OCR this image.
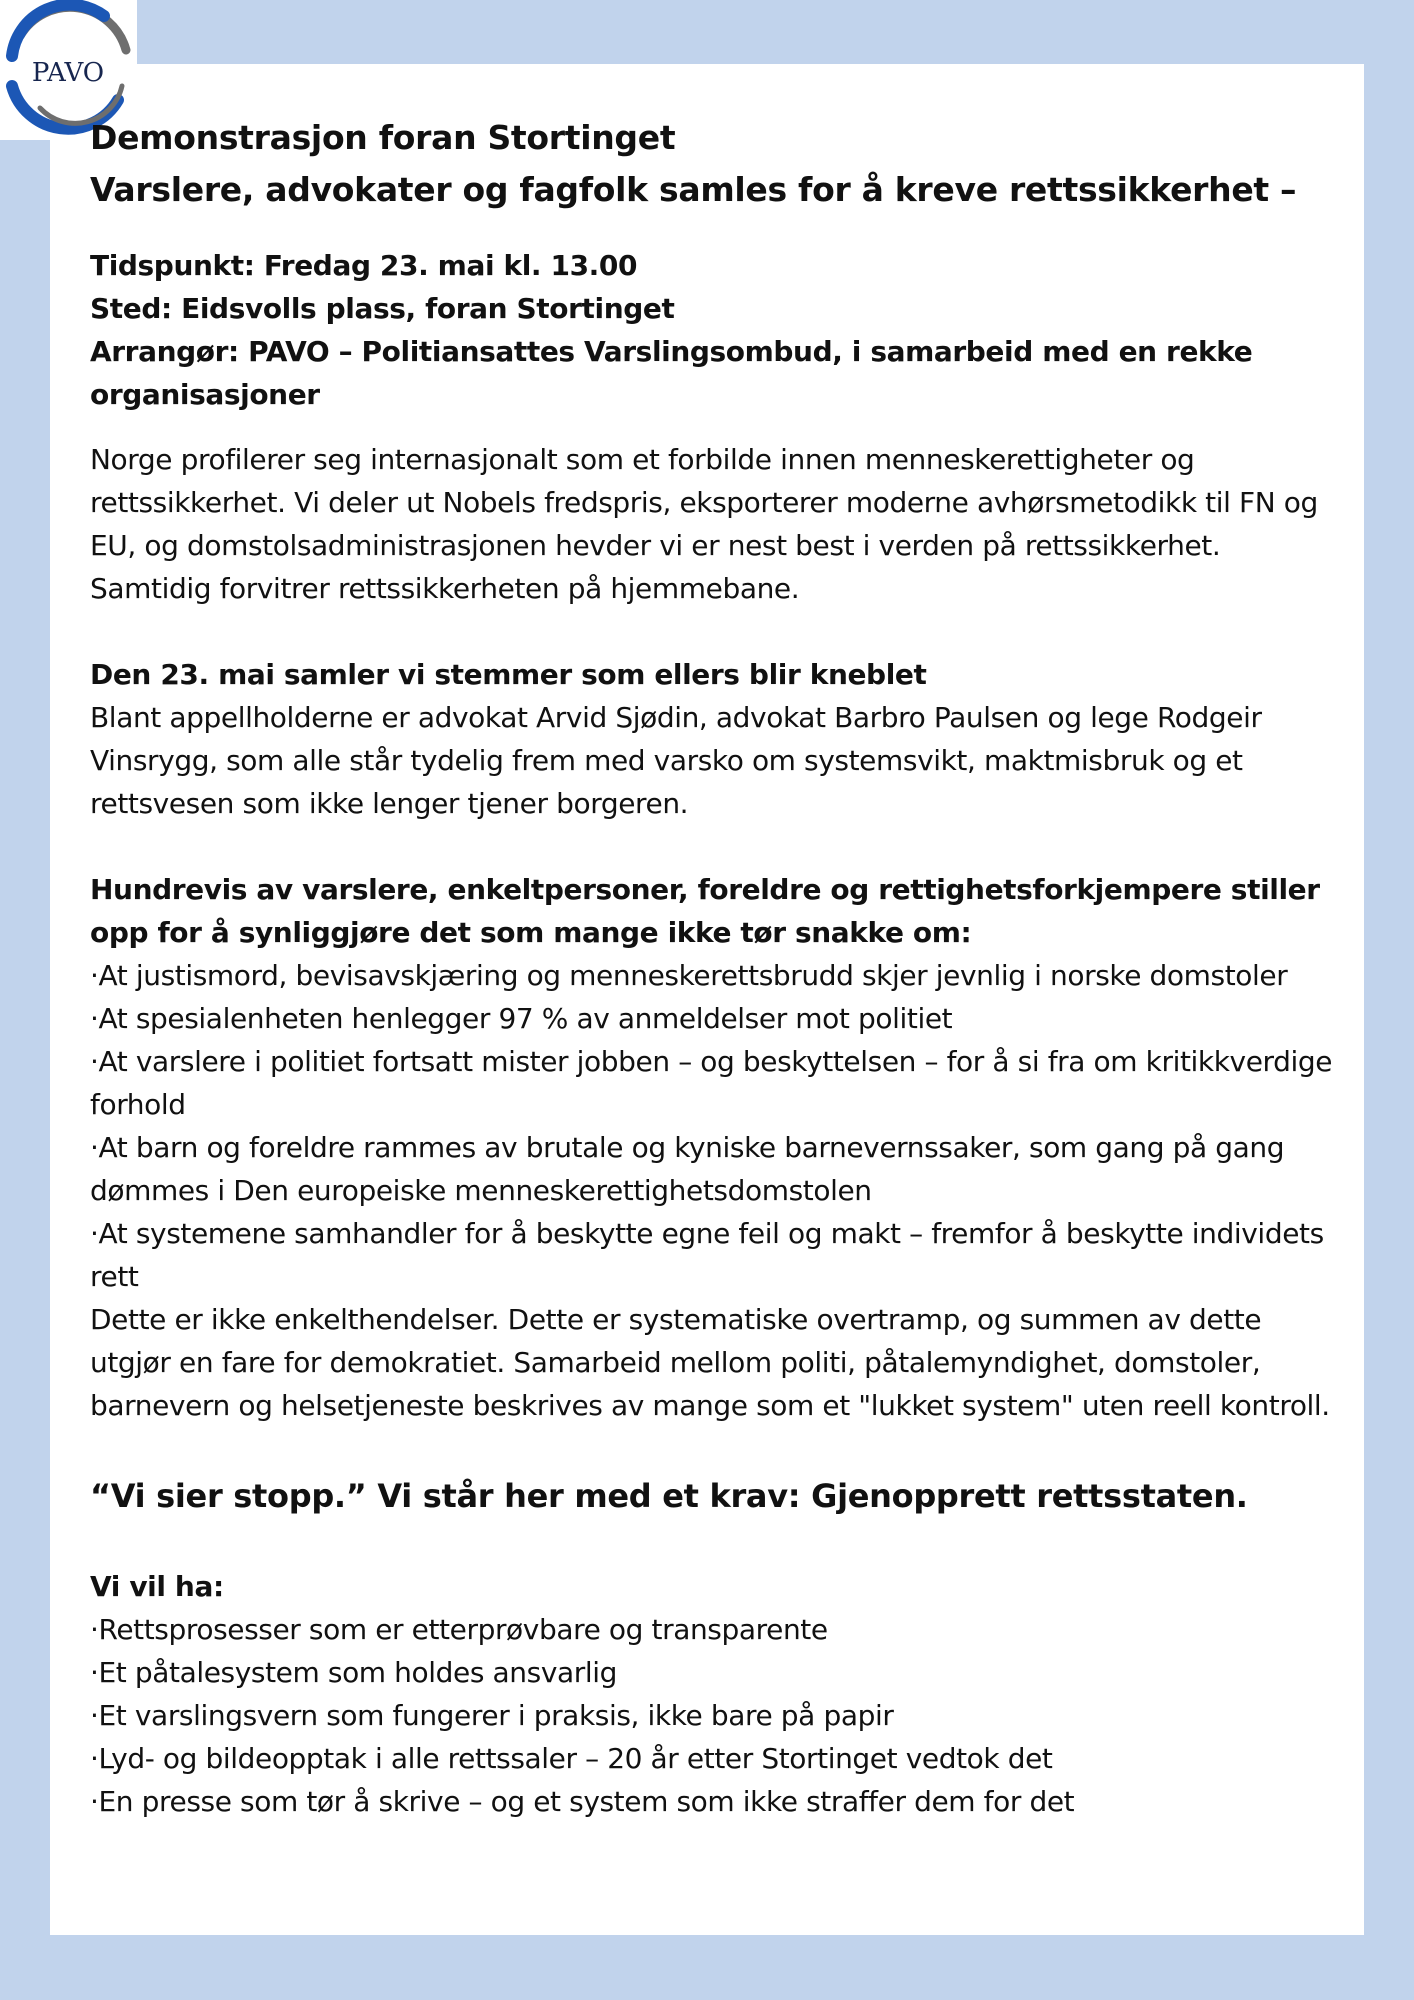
PAVO
Demonstrasjon foran Stortinget
Varslere, advokater og fagfolk samles for å kreve rettssikkerhet –

Tidspunkt: Fredag 23. mai kl. 13.00

Sted: Eidsvolls plass, foran Stortinget

Arrangør: PAVO – Politiansattes Varslingsombud, i samarbeid med en rekke organisasjoner

Norge profilerer seg internasjonalt som et forbilde innen menneskerettigheter og rettssikkerhet. Vi deler ut Nobels fredspris, eksporterer moderne avhørsmetodikk til FN og EU, og domstolsadministrasjonen hevder vi er nest best i verden på rettssikkerhet. Samtidig forvitrer rettssikkerheten på hjemmebane.

Den 23. mai samler vi stemmer som ellers blir kneblet

Blant appellholderne er advokat Arvid Sjødin, advokat Barbro Paulsen og lege Rodgeir Vinsrygg, som alle står tydelig frem med varsko om systemsvikt, maktmisbruk og et rettsvesen som ikke lenger tjener borgeren.

Hundrevis av varslere, enkeltpersoner, foreldre og rettighetsforkjempere stiller opp for å synliggjøre det som mange ikke tør snakke om:

· At justismord, bevisavskjæring og menneskerettsbrudd skjer jevnlig i norske domstoler
· At spesialenheten henlegger 97 % av anmeldelser mot politiet
· At varslere i politiet fortsatt mister jobben – og beskyttelsen – for å si fra om kritikkverdige forhold
· At barn og foreldre rammes av brutale og kyniske barnevernssaker, som gang på gang dømmes i Den europeiske menneskerettighetsdomstolen
· At systemene samhandler for å beskytte egne feil og makt – fremfor å beskytte individets rett

Dette er ikke enkelthendelser. Dette er systematiske overtramp, og summen av dette utgjør en fare for demokratiet. Samarbeid mellom politi, påtalemyndighet, domstoler, barnevern og helsetjeneste beskrives av mange som et "lukket system" uten reell kontroll.

“Vi sier stopp.” Vi står her med et krav: Gjenopprett rettsstaten.

Vi vil ha:

· Rettsprosesser som er etterprøvbare og transparente
· Et påtalesystem som holdes ansvarlig
· Et varslingsvern som fungerer i praksis, ikke bare på papir
· Lyd- og bildeopptak i alle rettssaler – 20 år etter Stortinget vedtok det
· En presse som tør å skrive – og et system som ikke straffer dem for det
